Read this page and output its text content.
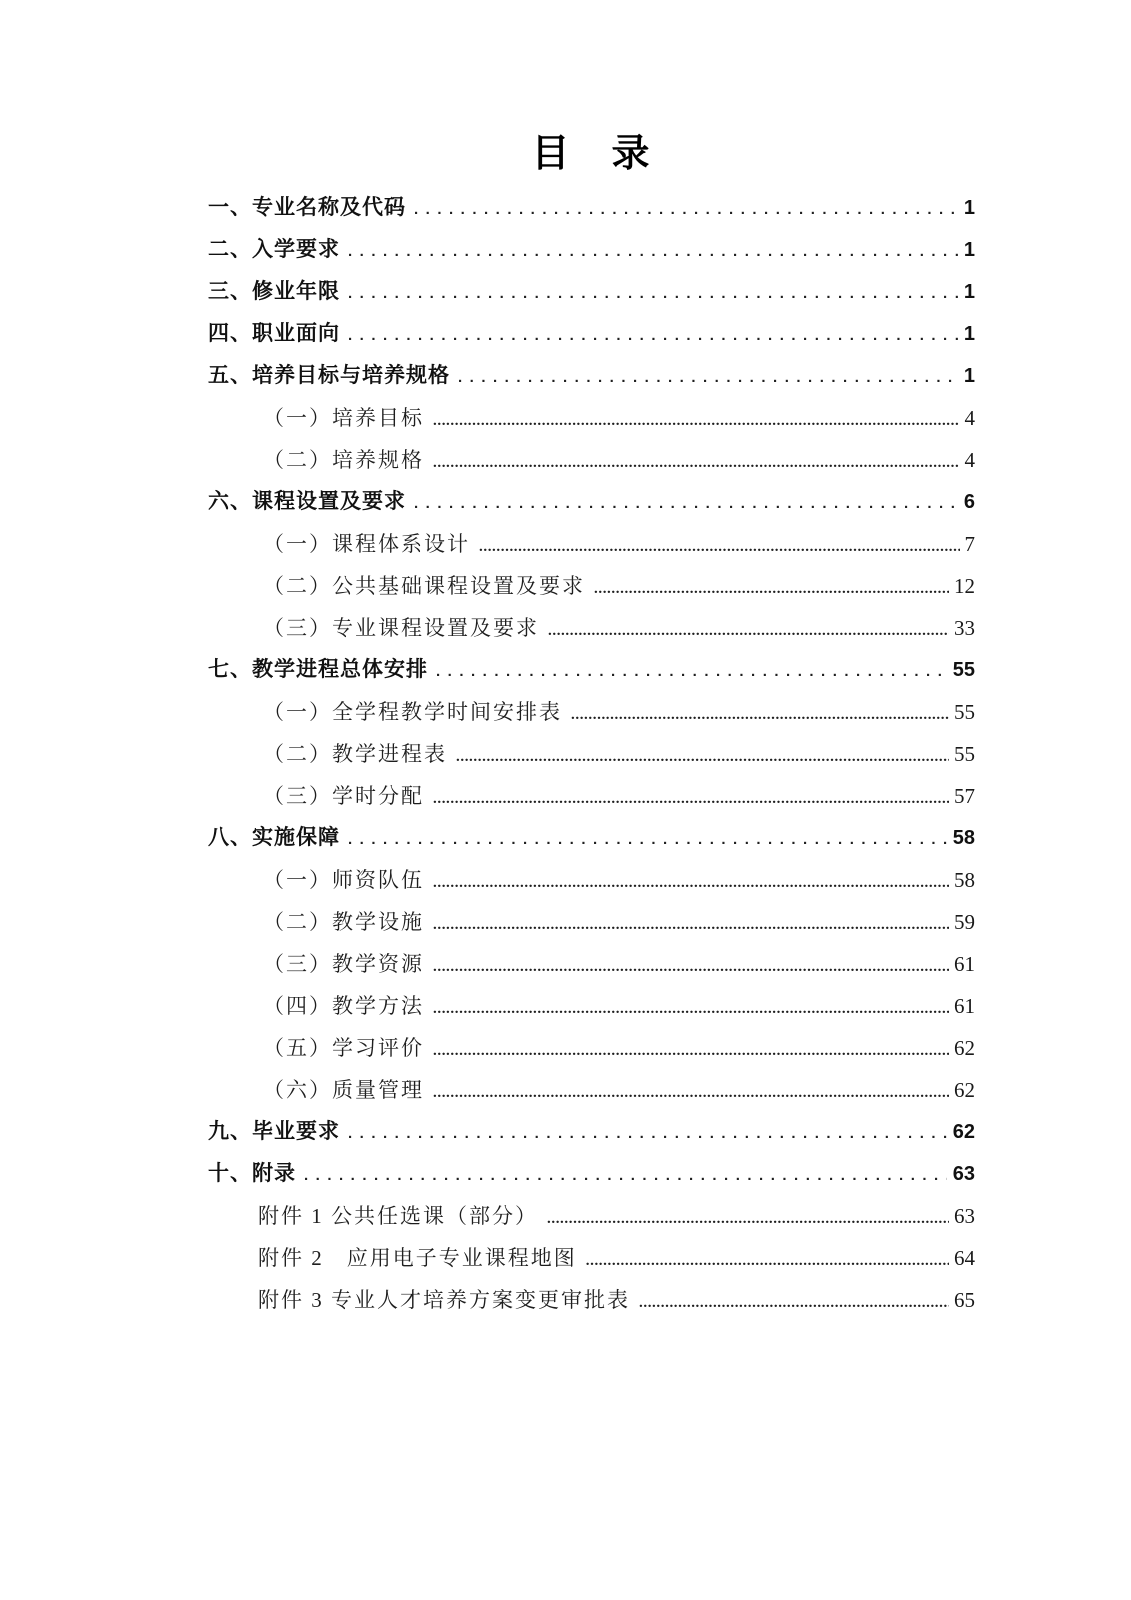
目　录
一、专业名称及代码 .....	1
二、入学要求 .....	1
三、修业年限 .....	1
四、职业面向 .....	1
五、培养目标与培养规格 .....	1
（一）培养目标 .....	4
（二）培养规格 .....	4
六、课程设置及要求 .....	6
（一）课程体系设计 .....	7
（二）公共基础课程设置及要求 .....	12
（三）专业课程设置及要求 .....	33
七、教学进程总体安排 .....	55
（一）全学程教学时间安排表 .....	55
（二）教学进程表 .....	55
（三）学时分配 .....	57
八、实施保障 .....	58
（一）师资队伍 .....	58
（二）教学设施 .....	59
（三）教学资源 .....	61
（四）教学方法 .....	61
（五）学习评价 .....	62
（六）质量管理 .....	62
九、毕业要求 .....	62
十、附录 .....	63
附件 1 公共任选课（部分） .....	63
附件 2　应用电子专业课程地图 .....	64
附件 3 专业人才培养方案变更审批表 .....	65
